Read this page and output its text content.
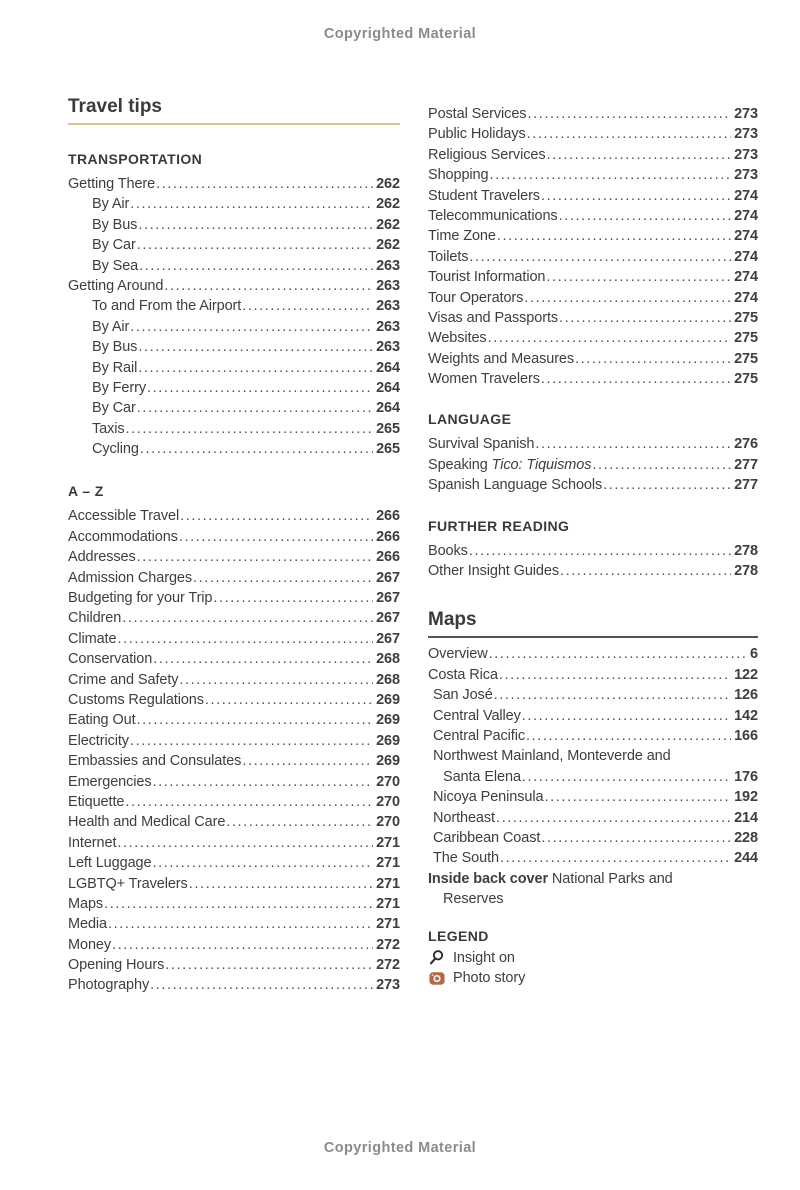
Copyrighted Material
Travel tips
TRANSPORTATION
Getting There .....	262
By Air .....	262
By Bus .....	262
By Car .....	262
By Sea .....	263
Getting Around .....	263
To and From the Airport .....	263
By Air .....	263
By Bus .....	263
By Rail .....	264
By Ferry .....	264
By Car .....	264
Taxis .....	265
Cycling .....	265
A – Z
Accessible Travel .....	266
Accommodations .....	266
Addresses .....	266
Admission Charges .....	267
Budgeting for your Trip .....	267
Children .....	267
Climate .....	267
Conservation .....	268
Crime and Safety .....	268
Customs Regulations .....	269
Eating Out .....	269
Electricity .....	269
Embassies and Consulates .....	269
Emergencies .....	270
Etiquette .....	270
Health and Medical Care .....	270
Internet .....	271
Left Luggage .....	271
LGBTQ+ Travelers .....	271
Maps .....	271
Media .....	271
Money .....	272
Opening Hours .....	272
Photography .....	273
Postal Services .....	273
Public Holidays .....	273
Religious Services .....	273
Shopping .....	273
Student Travelers .....	274
Telecommunications .....	274
Time Zone .....	274
Toilets .....	274
Tourist Information .....	274
Tour Operators .....	274
Visas and Passports .....	275
Websites .....	275
Weights and Measures .....	275
Women Travelers .....	275
LANGUAGE
Survival Spanish .....	276
Speaking Tico: Tiquismos .....	277
Spanish Language Schools .....	277
FURTHER READING
Books .....	278
Other Insight Guides .....	278
Maps
Overview .....	6
Costa Rica .....	122
San José .....	126
Central Valley .....	142
Central Pacific .....	166
Northwest Mainland, Monteverde and
Santa Elena .....	176
Nicoya Peninsula .....	192
Northeast .....	214
Caribbean Coast .....	228
The South .....	244
Inside back cover National Parks and
Reserves
LEGEND
Insight on
Photo story
Copyrighted Material
